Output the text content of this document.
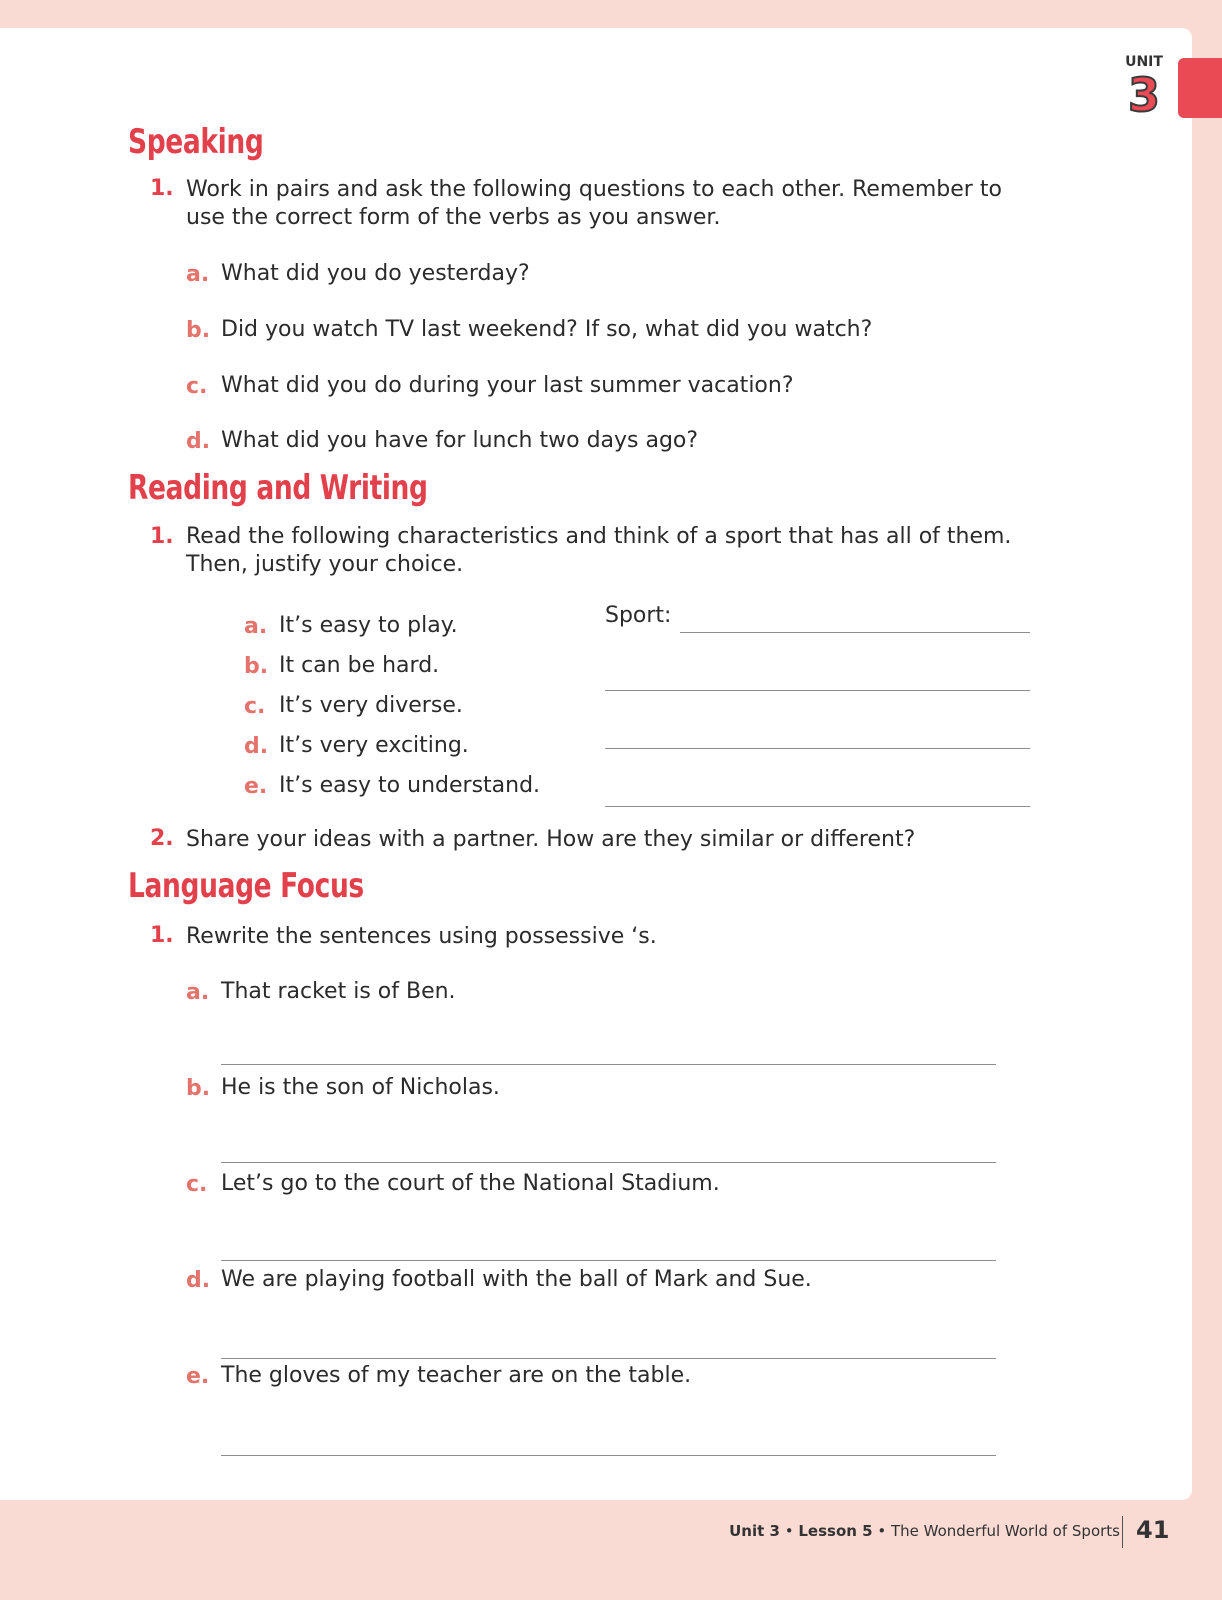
UNIT
3
Speaking
1. Work in pairs and ask the following questions to each other. Remember to
use the correct form of the verbs as you answer.
a. What did you do yesterday?
b. Did you watch TV last weekend? If so, what did you watch?
c. What did you do during your last summer vacation?
d. What did you have for lunch two days ago?
Reading and Writing
1. Read the following characteristics and think of a sport that has all of them.
Then, justify your choice.
a. It’s easy to play.
b. It can be hard.
c. It’s very diverse.
d. It’s very exciting.
e. It’s easy to understand.
Sport:
2. Share your ideas with a partner. How are they similar or different?
Language Focus
1. Rewrite the sentences using possessive ‘s.
a. That racket is of Ben.
b. He is the son of Nicholas.
c. Let’s go to the court of the National Stadium.
d. We are playing football with the ball of Mark and Sue.
e. The gloves of my teacher are on the table.
Unit 3 • Lesson 5 • The Wonderful World of Sports 41
